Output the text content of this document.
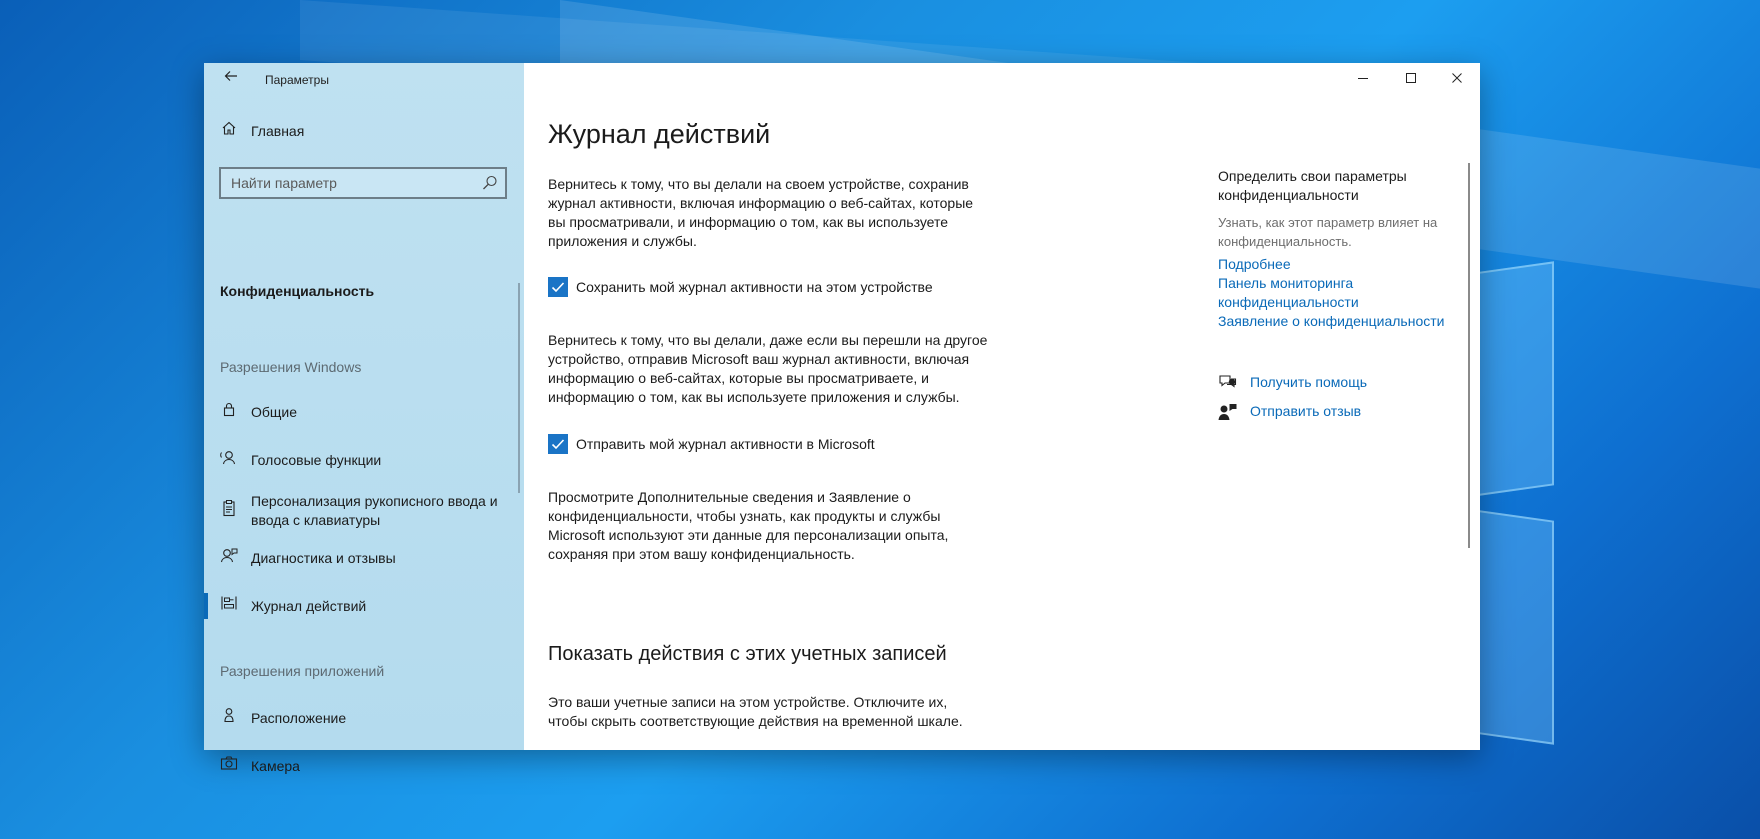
Параметры
Главная
Найти параметр
Конфиденциальность
Разрешения Windows
Общие
Голосовые функции
Персонализация рукописного ввода и ввода с клавиатуры
Диагностика и отзывы
Журнал действий
Разрешения приложений
Расположение
Камера
Журнал действий
Вернитесь к тому, что вы делали на своем устройстве, сохранив журнал активности, включая информацию о веб-сайтах, которые вы просматривали, и информацию о том, как вы используете приложения и службы.
Сохранить мой журнал активности на этом устройстве
Вернитесь к тому, что вы делали, даже если вы перешли на другое устройство, отправив Microsoft ваш журнал активности, включая информацию о веб-сайтах, которые вы просматриваете, и информацию о том, как вы используете приложения и службы.
Отправить мой журнал активности в Microsoft
Просмотрите Дополнительные сведения и Заявление о конфиденциальности, чтобы узнать, как продукты и службы Microsoft используют эти данные для персонализации опыта, сохраняя при этом вашу конфиденциальность.
Показать действия с этих учетных записей
Это ваши учетные записи на этом устройстве. Отключите их, чтобы скрыть соответствующие действия на временной шкале.
Определить свои параметры конфиденциальности
Узнать, как этот параметр влияет на конфиденциальность.
Подробнее
Панель мониторинга конфиденциальности
Заявление о конфиденциальности
Получить помощь
Отправить отзыв
